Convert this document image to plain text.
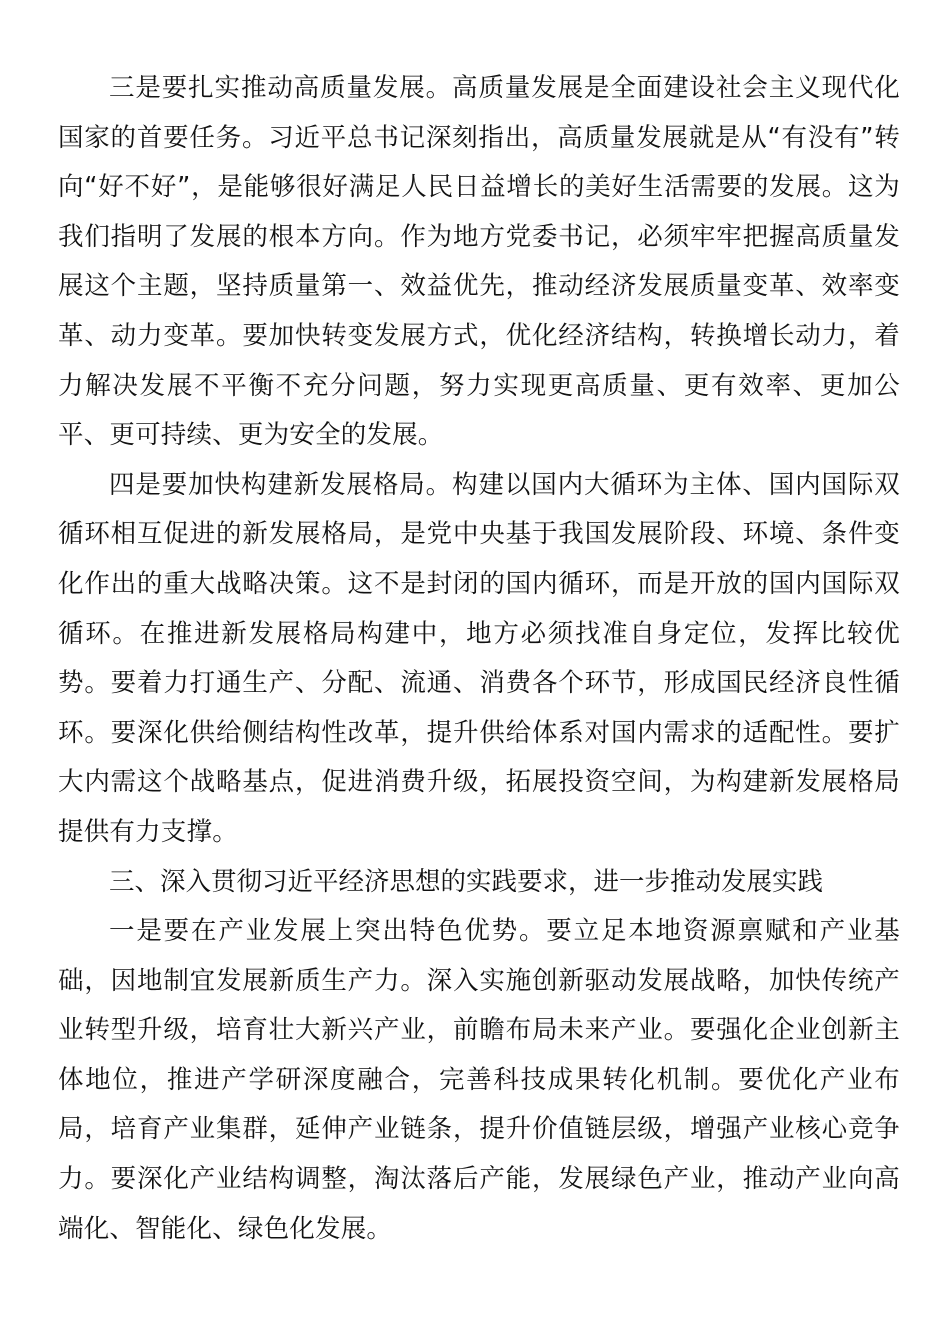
三是要扎实推动高质量发展。高质量发展是全面建设社会主义现代化国家的首要任务。习近平总书记深刻指出，高质量发展就是从“有没有”转向“好不好”，是能够很好满足人民日益增长的美好生活需要的发展。这为我们指明了发展的根本方向。作为地方党委书记，必须牢牢把握高质量发展这个主题，坚持质量第一、效益优先，推动经济发展质量变革、效率变革、动力变革。要加快转变发展方式，优化经济结构，转换增长动力，着力解决发展不平衡不充分问题，努力实现更高质量、更有效率、更加公平、更可持续、更为安全的发展。

四是要加快构建新发展格局。构建以国内大循环为主体、国内国际双循环相互促进的新发展格局，是党中央基于我国发展阶段、环境、条件变化作出的重大战略决策。这不是封闭的国内循环，而是开放的国内国际双循环。在推进新发展格局构建中，地方必须找准自身定位，发挥比较优势。要着力打通生产、分配、流通、消费各个环节，形成国民经济良性循环。要深化供给侧结构性改革，提升供给体系对国内需求的适配性。要扩大内需这个战略基点，促进消费升级，拓展投资空间，为构建新发展格局提供有力支撑。

三、深入贯彻习近平经济思想的实践要求，进一步推动发展实践

一是要在产业发展上突出特色优势。要立足本地资源禀赋和产业基础，因地制宜发展新质生产力。深入实施创新驱动发展战略，加快传统产业转型升级，培育壮大新兴产业，前瞻布局未来产业。要强化企业创新主体地位，推进产学研深度融合，完善科技成果转化机制。要优化产业布局，培育产业集群，延伸产业链条，提升价值链层级，增强产业核心竞争力。要深化产业结构调整，淘汰落后产能，发展绿色产业，推动产业向高端化、智能化、绿色化发展。
